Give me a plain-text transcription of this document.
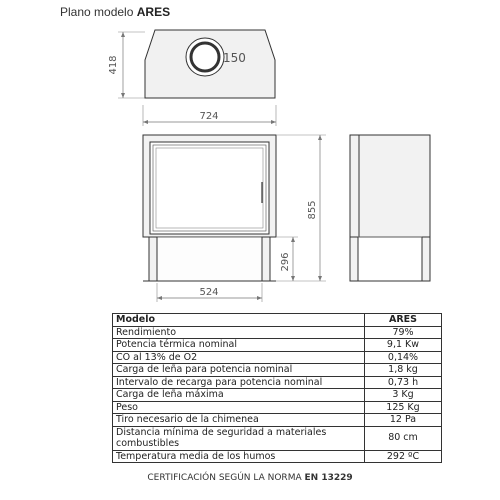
Plano modelo ARES
418	150
724
524
296
855
Modelo	ARES
Rendimiento	79%
Potencia térmica nominal	9,1 Kw
CO al 13% de O2	0,14%
Carga de leña para potencia nominal	1,8 kg
Intervalo de recarga para potencia nominal	0,73 h
Carga de leña máxima	3 Kg
Peso	125 Kg
Tiro necesario de la chimenea	12 Pa
Distancia mínima de seguridad a materiales combustibles	80 cm
Temperatura media de los humos	292 ºC
CERTIFICACIÓN SEGÚN LA NORMA EN 13229
